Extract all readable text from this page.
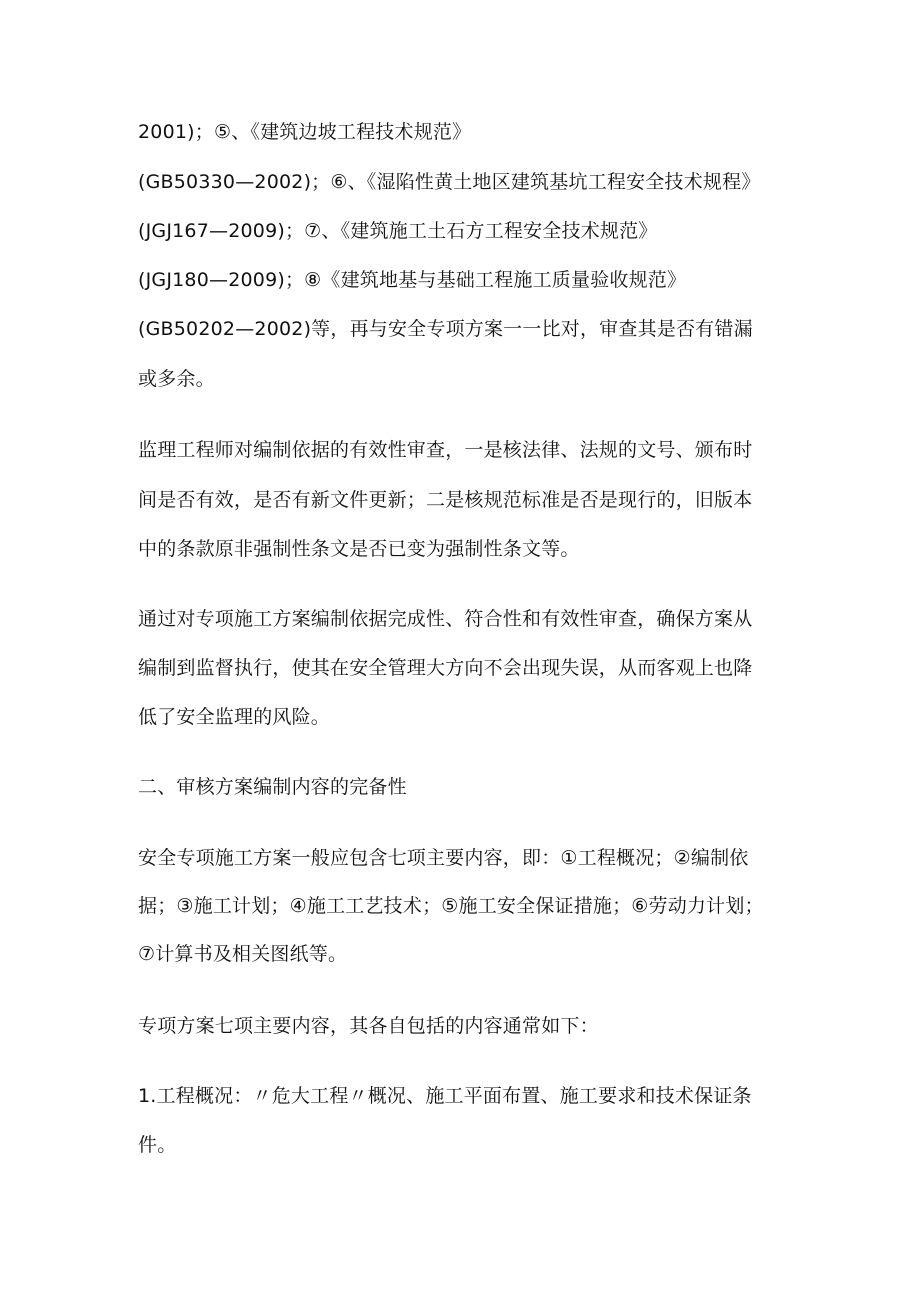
2001)；⑤、《建筑边坡工程技术规范》
(GB50330—2002)；⑥、《湿陷性黄土地区建筑基坑工程安全技术规程》
(JGJ167—2009)；⑦、《建筑施工土石方工程安全技术规范》
(JGJ180—2009)；⑧《建筑地基与基础工程施工质量验收规范》
(GB50202—2002)等，再与安全专项方案一一比对，审查其是否有错漏
或多余。
监理工程师对编制依据的有效性审查，一是核法律、法规的文号、颁布时
间是否有效，是否有新文件更新；二是核规范标准是否是现行的，旧版本
中的条款原非强制性条文是否已变为强制性条文等。
通过对专项施工方案编制依据完成性、符合性和有效性审查，确保方案从
编制到监督执行，使其在安全管理大方向不会出现失误，从而客观上也降
低了安全监理的风险。
二、审核方案编制内容的完备性
安全专项施工方案一般应包含七项主要内容，即：①工程概况；②编制依
据；③施工计划；④施工工艺技术；⑤施工安全保证措施；⑥劳动力计划；
⑦计算书及相关图纸等。
专项方案七项主要内容，其各自包括的内容通常如下：
1.工程概况：〃危大工程〃概况、施工平面布置、施工要求和技术保证条
件。
